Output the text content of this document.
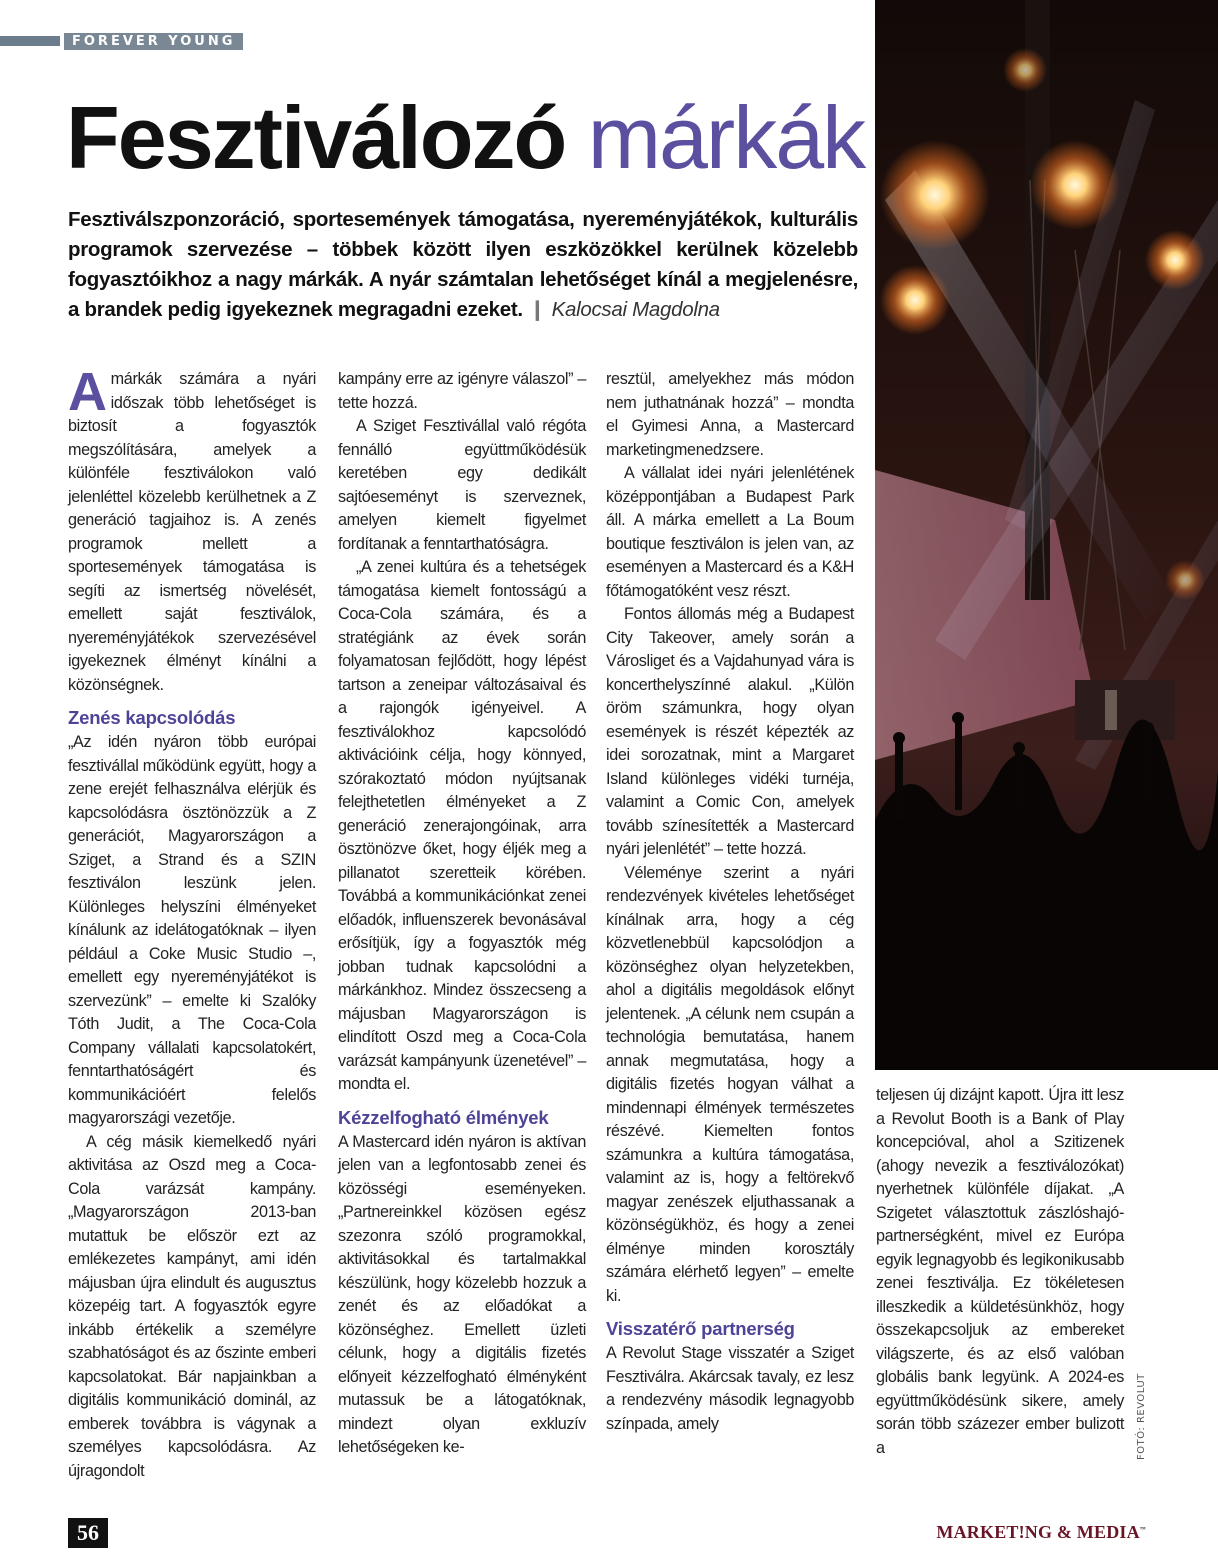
FOREVER YOUNG
Fesztiválozó márkák
Fesztiválszponzoráció, sportesemények támogatása, nyereményjátékok, kulturális programok szervezése – többek között ilyen eszközökkel kerülnek közelebb fogyasztóikhoz a nagy márkák. A nyár számtalan lehetőséget kínál a megjelenésre, a brandek pedig igyekeznek megragadni ezeket. ❙ Kalocsai Magdolna

Amárkák számára a nyári időszak több lehetőséget is biztosít a fogyasztók megszólítására, amelyek a különféle fesztiválokon való jelenléttel közelebb kerülhetnek a Z generáció tagjaihoz is. A zenés programok mellett a sportesemények támogatása is segíti az ismertség növelését, emellett saját fesztiválok, nyereményjátékok szervezésével igyekeznek élményt kínálni a közönségnek.

Zenés kapcsolódás

„Az idén nyáron több európai fesztivállal működünk együtt, hogy a zene erejét felhasználva elérjük és kapcsolódásra ösztönözzük a Z generációt, Magyarországon a Sziget, a Strand és a SZIN fesztiválon leszünk jelen. Különleges helyszíni élményeket kínálunk az idelátogatóknak – ilyen például a Coke Music Studio –, emellett egy nyereményjátékot is szervezünk” – emelte ki Szalóky Tóth Judit, a The Coca-Cola Company vállalati kapcsolatokért, fenntarthatóságért és kommunikációért felelős magyarországi vezetője.

A cég másik kiemelkedő nyári aktivitása az Oszd meg a Coca-Cola varázsát kampány. „Magyarországon 2013-ban mutattuk be először ezt az emlékezetes kampányt, ami idén májusban újra elindult és augusztus közepéig tart. A fogyasztók egyre inkább értékelik a személyre szabhatóságot és az őszinte emberi kapcsolatokat. Bár napjainkban a digitális kommunikáció dominál, az emberek továbbra is vágynak a személyes kapcsolódásra. Az újragondolt

kampány erre az igényre válaszol” – tette hozzá.

A Sziget Fesztivállal való régóta fennálló együttműködésük keretében egy dedikált sajtóeseményt is szerveznek, amelyen kiemelt figyelmet fordítanak a fenntarthatóságra.

„A zenei kultúra és a tehetségek támogatása kiemelt fontosságú a Coca-Cola számára, és a stratégiánk az évek során folyamatosan fejlődött, hogy lépést tartson a zeneipar változásaival és a rajongók igényeivel. A fesztiválokhoz kapcsolódó aktivációink célja, hogy könnyed, szórakoztató módon nyújtsanak felejthetetlen élményeket a Z generáció zenerajongóinak, arra ösztönözve őket, hogy éljék meg a pillanatot szeretteik körében. Továbbá a kommunikációnkat zenei előadók, influenszerek bevonásával erősítjük, így a fogyasztók még jobban tudnak kapcsolódni a márkánkhoz. Mindez összecseng a májusban Magyarországon is elindított Oszd meg a Coca-Cola varázsát kampányunk üzenetével” – mondta el.

Kézzelfogható élmények

A Mastercard idén nyáron is aktívan jelen van a legfontosabb zenei és közösségi eseményeken. „Partnereinkkel közösen egész szezonra szóló programokkal, aktivitásokkal és tartalmakkal készülünk, hogy közelebb hozzuk a zenét és az előadókat a közönséghez. Emellett üzleti célunk, hogy a digitális fizetés előnyeit kézzelfogható élményként mutassuk be a látogatóknak, mindezt olyan exkluzív lehetőségeken ke-

resztül, amelyekhez más módon nem juthatnának hozzá” – mondta el Gyimesi Anna, a Mastercard marketingmenedzsere.

A vállalat idei nyári jelenlétének középpontjában a Budapest Park áll. A márka emellett a La Boum boutique fesztiválon is jelen van, az eseményen a Mastercard és a K&H főtámogatóként vesz részt.

Fontos állomás még a Budapest City Takeover, amely során a Városliget és a Vajdahunyad vára is koncerthelyszínné alakul. „Külön öröm számunkra, hogy olyan események is részét képezték az idei sorozatnak, mint a Margaret Island különleges vidéki turnéja, valamint a Comic Con, amelyek tovább színesítették a Mastercard nyári jelenlétét” – tette hozzá.

Véleménye szerint a nyári rendezvények kivételes lehetőséget kínálnak arra, hogy a cég közvetlenebbül kapcsolódjon a közönséghez olyan helyzetekben, ahol a digitális megoldások előnyt jelentenek. „A célunk nem csupán a technológia bemutatása, hanem annak megmutatása, hogy a digitális fizetés hogyan válhat a mindennapi élmények természetes részévé. Kiemelten fontos számunkra a kultúra támogatása, valamint az is, hogy a feltörekvő magyar zenészek eljuthassanak a közönségükhöz, és hogy a zenei élménye minden korosztály számára elérhető legyen” – emelte ki.

Visszatérő partnerség

A Revolut Stage visszatér a Sziget Fesztiválra. Akárcsak tavaly, ez lesz a rendezvény második legnagyobb színpada, amely

teljesen új dizájnt kapott. Újra itt lesz a Revolut Booth is a Bank of Play koncepcióval, ahol a Szitizenek (ahogy nevezik a fesztiválozókat) nyerhetnek különféle díjakat. „A Szigetet választottuk zászlóshajó-partnerségként, mivel ez Európa egyik legnagyobb és legikonikusabb zenei fesztiválja. Ez tökéletesen illeszkedik a küldetésünkhöz, hogy összekapcsoljuk az embereket világszerte, és az első valóban globális bank legyünk. A 2024-es együttműködésünk sikere, amely során több százezer ember bulizott a	FOTÓ: REVOLUT
56	MARKET!NG & MEDIA™
